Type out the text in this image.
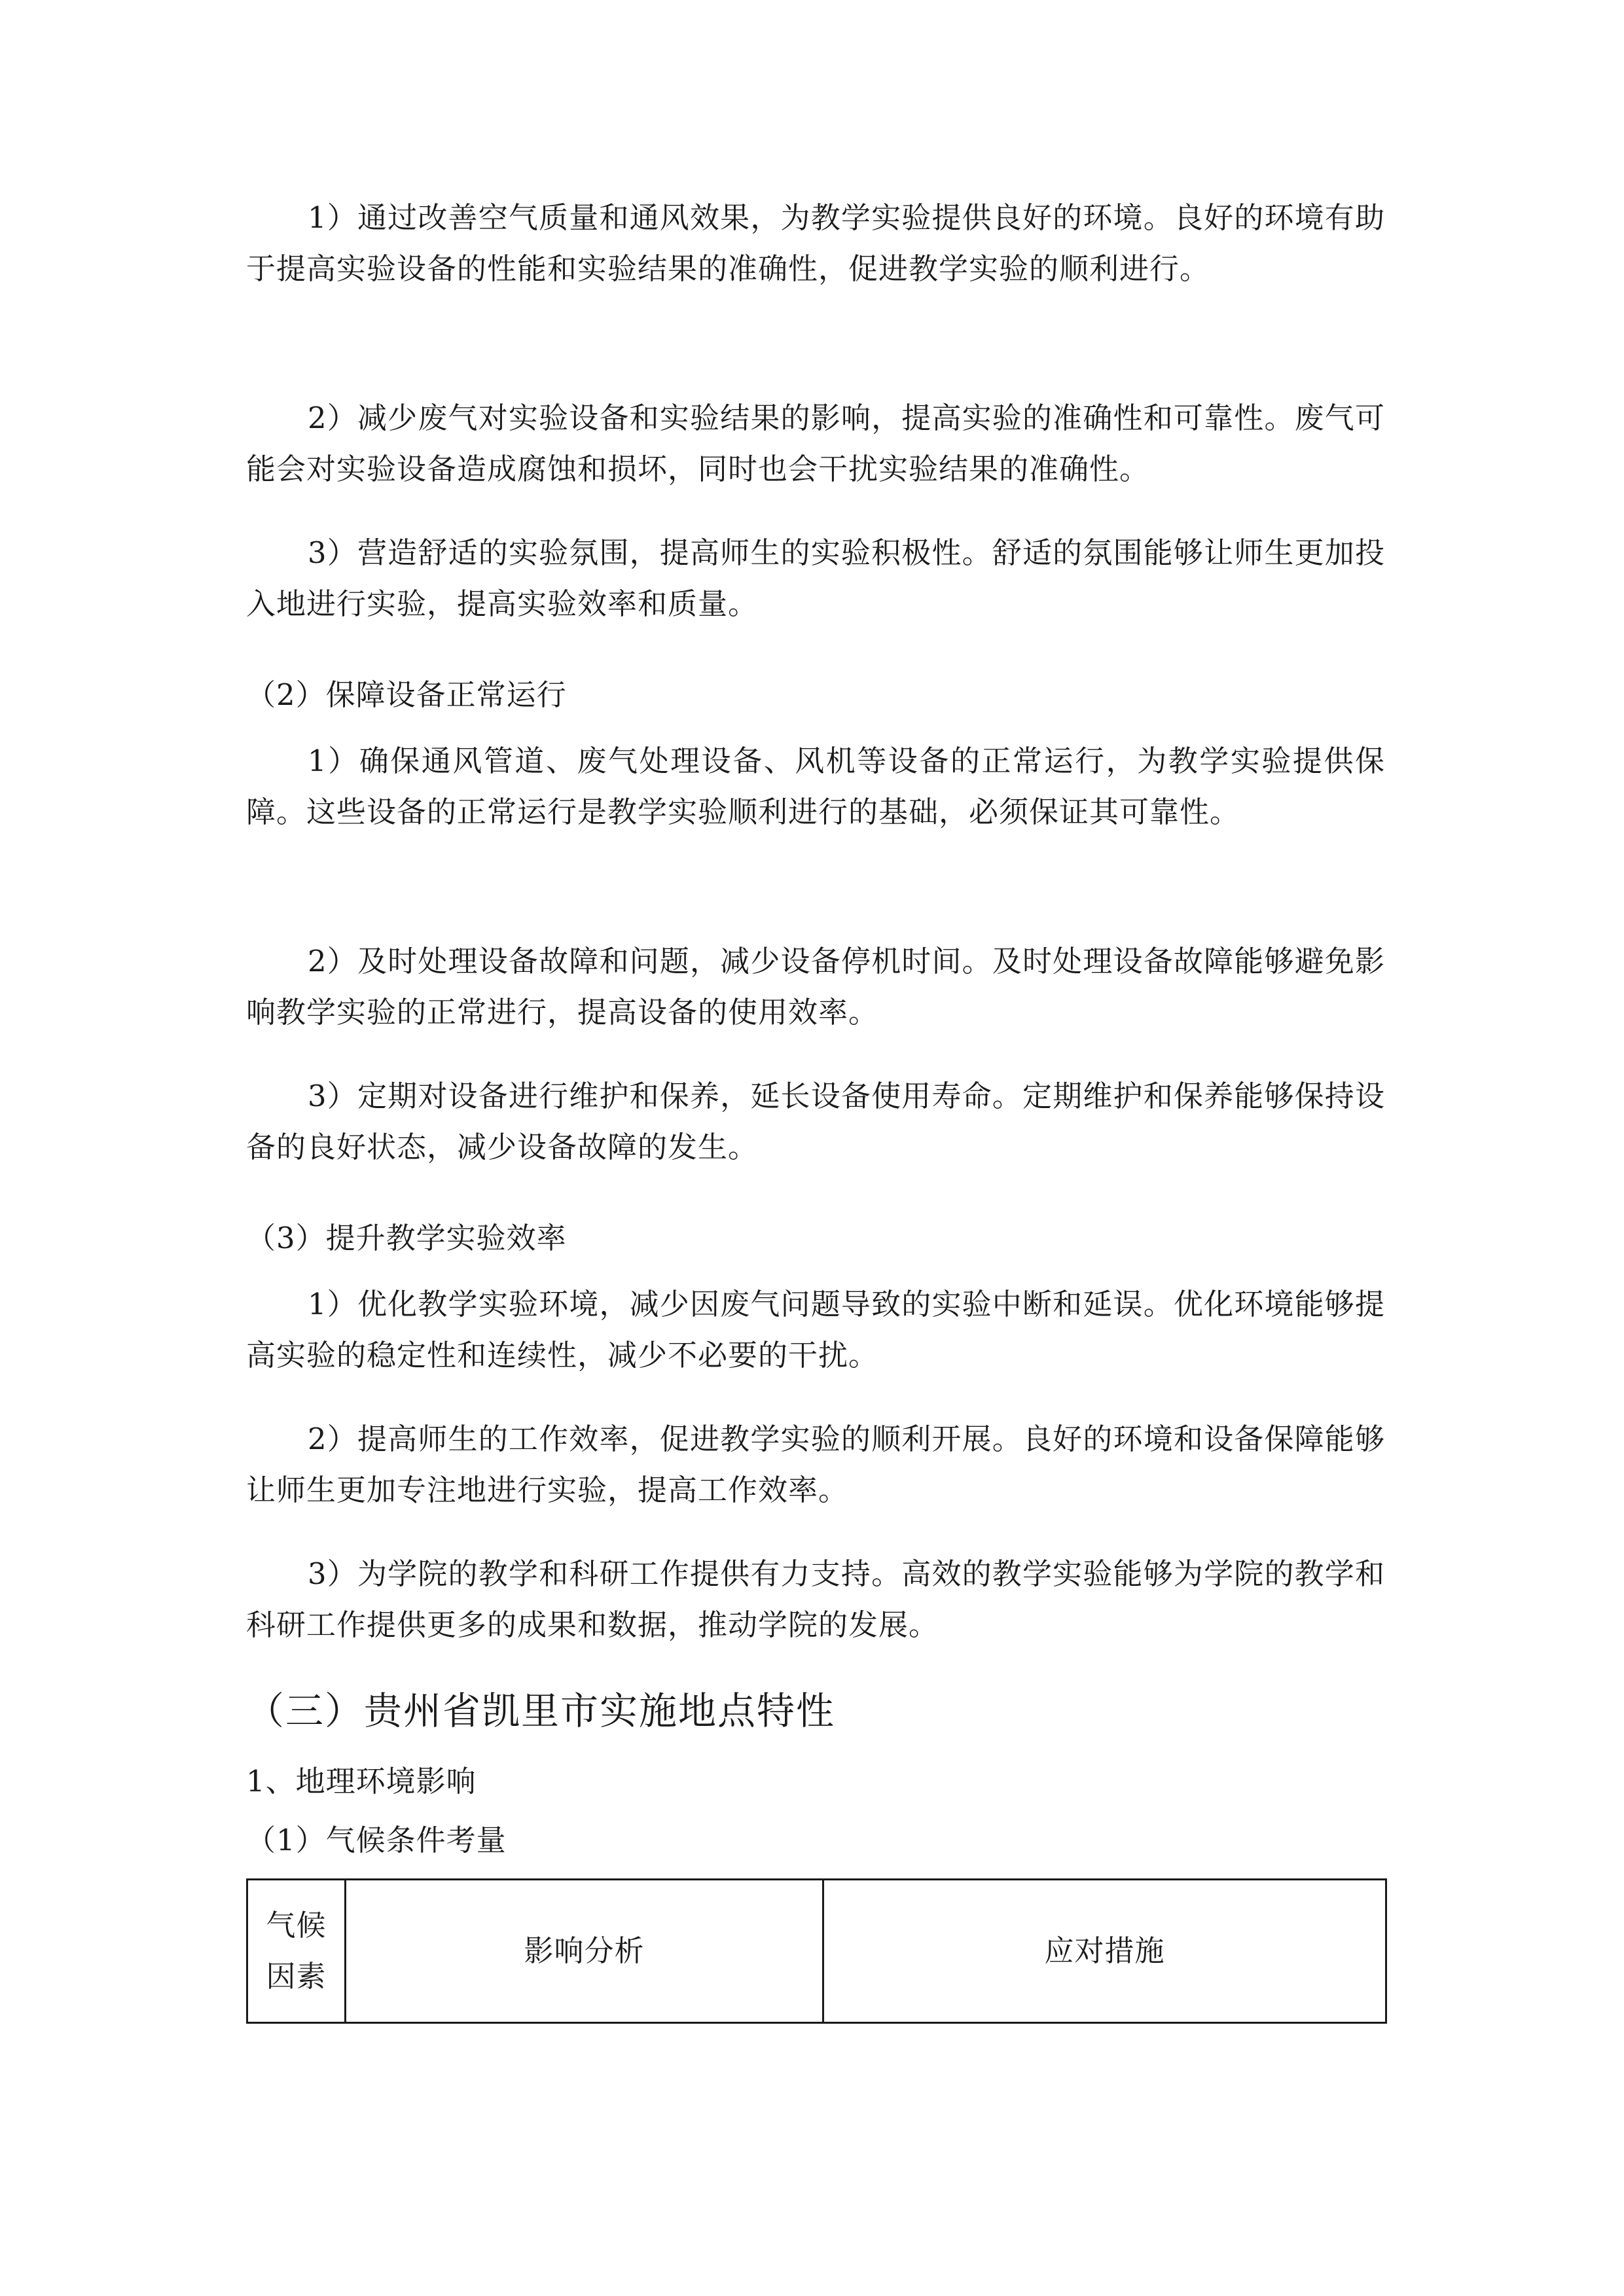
1）通过改善空气质量和通风效果，为教学实验提供良好的环境。良好的环境有助于提高实验设备的性能和实验结果的准确性，促进教学实验的顺利进行。

2）减少废气对实验设备和实验结果的影响，提高实验的准确性和可靠性。废气可能会对实验设备造成腐蚀和损坏，同时也会干扰实验结果的准确性。

3）营造舒适的实验氛围，提高师生的实验积极性。舒适的氛围能够让师生更加投入地进行实验，提高实验效率和质量。

（2）保障设备正常运行

1）确保通风管道、废气处理设备、风机等设备的正常运行，为教学实验提供保障。这些设备的正常运行是教学实验顺利进行的基础，必须保证其可靠性。

2）及时处理设备故障和问题，减少设备停机时间。及时处理设备故障能够避免影响教学实验的正常进行，提高设备的使用效率。

3）定期对设备进行维护和保养，延长设备使用寿命。定期维护和保养能够保持设备的良好状态，减少设备故障的发生。

（3）提升教学实验效率

1）优化教学实验环境，减少因废气问题导致的实验中断和延误。优化环境能够提高实验的稳定性和连续性，减少不必要的干扰。

2）提高师生的工作效率，促进教学实验的顺利开展。良好的环境和设备保障能够让师生更加专注地进行实验，提高工作效率。

3）为学院的教学和科研工作提供有力支持。高效的教学实验能够为学院的教学和科研工作提供更多的成果和数据，推动学院的发展。

（三）贵州省凯里市实施地点特性

1、地理环境影响

（1）气候条件考量

气候因素	影响分析	应对措施
